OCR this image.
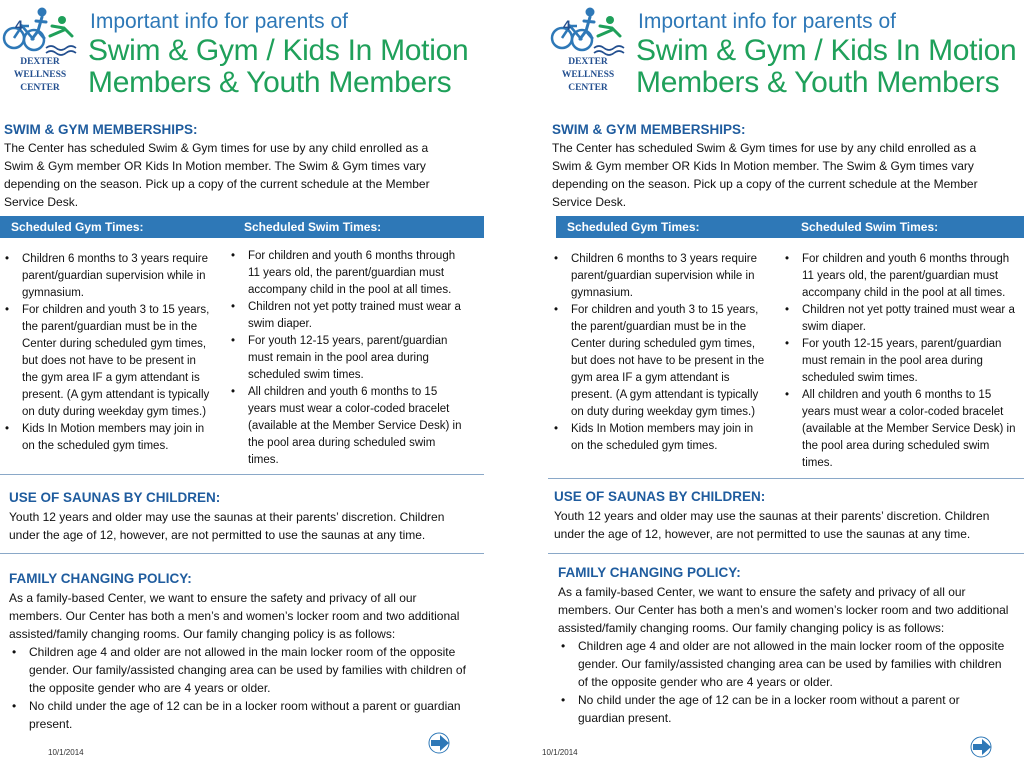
4
DEXTER
WELLNESS
CENTER
Important info for parents of
Swim & Gym / Kids In Motion
Members & Youth Members
SWIM & GYM MEMBERSHIPS:
The Center has scheduled Swim & Gym times for use by any child enrolled as a Swim & Gym member OR Kids In Motion member. The Swim & Gym times vary depending on the season. Pick up a copy of the current schedule at the Member Service Desk.
Scheduled Gym Times:	Scheduled Swim Times:
• Children 6 months to 3 years require parent/guardian supervision while in gymnasium.
• For children and youth 3 to 15 years, the parent/guardian must be in the Center during scheduled gym times, but does not have to be present in the gym area IF a gym attendant is present. (A gym attendant is typically on duty during weekday gym times.)
• Kids In Motion members may join in on the scheduled gym times.
• For children and youth 6 months through 11 years old, the parent/guardian must accompany child in the pool at all times.
• Children not yet potty trained must wear a swim diaper.
• For youth 12-15 years, parent/guardian must remain in the pool area during scheduled swim times.
• All children and youth 6 months to 15 years must wear a color-coded bracelet (available at the Member Service Desk) in the pool area during scheduled swim times.
USE OF SAUNAS BY CHILDREN:
Youth 12 years and older may use the saunas at their parents’ discretion. Children under the age of 12, however, are not permitted to use the saunas at any time.
FAMILY CHANGING POLICY:
As a family-based Center, we want to ensure the safety and privacy of all our members. Our Center has both a men’s and women’s locker room and two additional assisted/family changing rooms. Our family changing policy is as follows:
• Children age 4 and older are not allowed in the main locker room of the opposite gender. Our family/assisted changing area can be used by families with children of the opposite gender who are 4 years or older.
• No child under the age of 12 can be in a locker room without a parent or guardian present.
10/1/2014
4
DEXTER
WELLNESS
CENTER
Important info for parents of
Swim & Gym / Kids In Motion
Members & Youth Members
SWIM & GYM MEMBERSHIPS:
The Center has scheduled Swim & Gym times for use by any child enrolled as a Swim & Gym member OR Kids In Motion member. The Swim & Gym times vary depending on the season. Pick up a copy of the current schedule at the Member Service Desk.
Scheduled Gym Times:	Scheduled Swim Times:
• Children 6 months to 3 years require parent/guardian supervision while in gymnasium.
• For children and youth 3 to 15 years, the parent/guardian must be in the Center during scheduled gym times, but does not have to be present in the gym area IF a gym attendant is present. (A gym attendant is typically on duty during weekday gym times.)
• Kids In Motion members may join in on the scheduled gym times.
• For children and youth 6 months through 11 years old, the parent/guardian must accompany child in the pool at all times.
• Children not yet potty trained must wear a swim diaper.
• For youth 12-15 years, parent/guardian must remain in the pool area during scheduled swim times.
• All children and youth 6 months to 15 years must wear a color-coded bracelet (available at the Member Service Desk) in the pool area during scheduled swim times.
USE OF SAUNAS BY CHILDREN:
Youth 12 years and older may use the saunas at their parents’ discretion. Children under the age of 12, however, are not permitted to use the saunas at any time.
FAMILY CHANGING POLICY:
As a family-based Center, we want to ensure the safety and privacy of all our members. Our Center has both a men’s and women’s locker room and two additional assisted/family changing rooms. Our family changing policy is as follows:
• Children age 4 and older are not allowed in the main locker room of the opposite gender. Our family/assisted changing area can be used by families with children of the opposite gender who are 4 years or older.
• No child under the age of 12 can be in a locker room without a parent or guardian present.
10/1/2014
